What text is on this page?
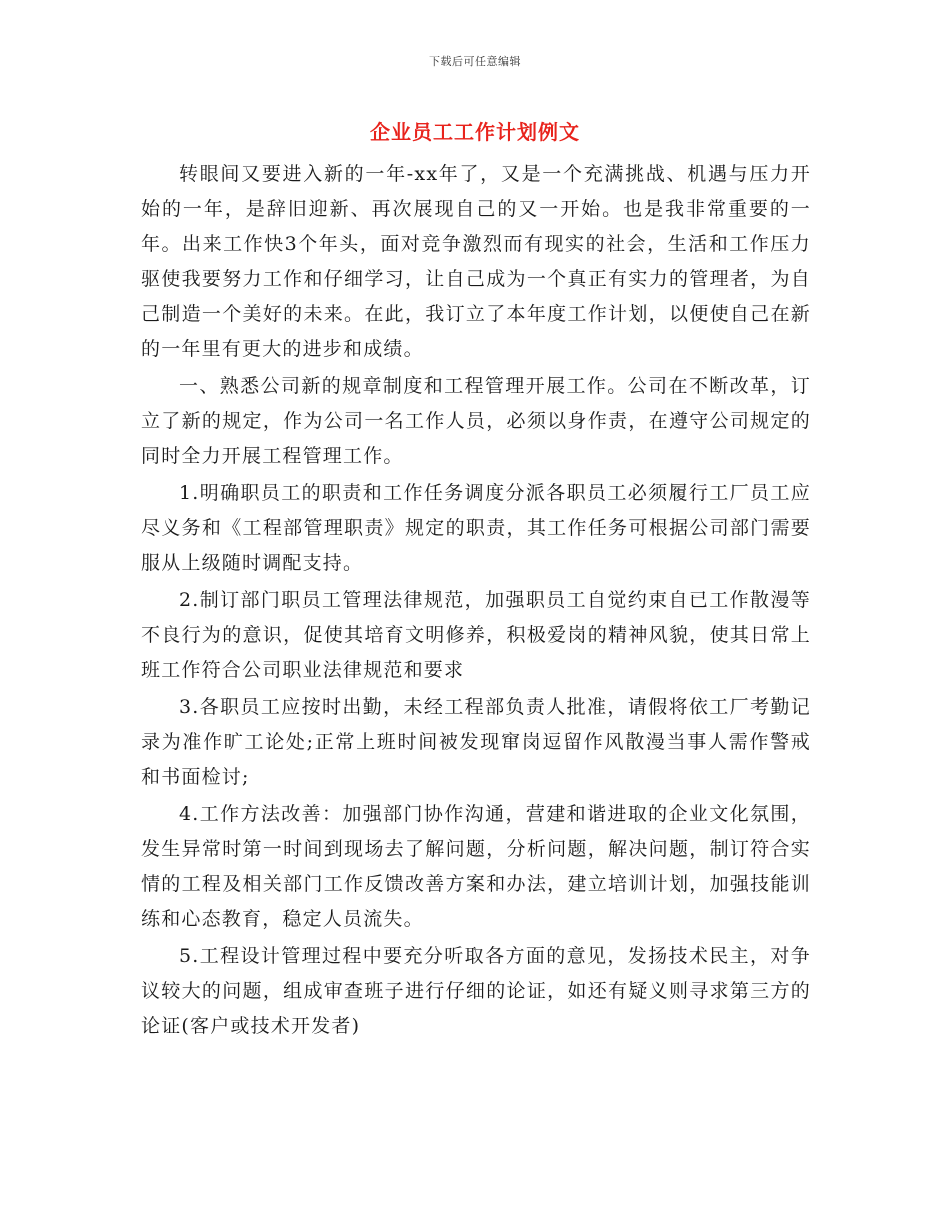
下载后可任意编辑
企业员工工作计划例文

转眼间又要进入新的一年-xx年了，又是一个充满挑战、机遇与压力开始的一年，是辞旧迎新、再次展现自己的又一开始。也是我非常重要的一年。出来工作快3个年头，面对竞争激烈而有现实的社会，生活和工作压力驱使我要努力工作和仔细学习，让自己成为一个真正有实力的管理者，为自己制造一个美好的未来。在此，我订立了本年度工作计划，以便使自己在新的一年里有更大的进步和成绩。

一、熟悉公司新的规章制度和工程管理开展工作。公司在不断改革，订立了新的规定，作为公司一名工作人员，必须以身作责，在遵守公司规定的同时全力开展工程管理工作。

1.明确职员工的职责和工作任务调度分派各职员工必须履行工厂员工应尽义务和《工程部管理职责》规定的职责，其工作任务可根据公司部门需要服从上级随时调配支持。

2.制订部门职员工管理法律规范，加强职员工自觉约束自已工作散漫等不良行为的意识，促使其培育文明修养，积极爱岗的精神风貌，使其日常上班工作符合公司职业法律规范和要求

3.各职员工应按时出勤，未经工程部负责人批准，请假将依工厂考勤记录为准作旷工论处;正常上班时间被发现窜岗逗留作风散漫当事人需作警戒和书面检讨;

4.工作方法改善：加强部门协作沟通，营建和谐进取的企业文化氛围，发生异常时第一时间到现场去了解问题，分析问题，解决问题，制订符合实情的工程及相关部门工作反馈改善方案和办法，建立培训计划，加强技能训练和心态教育，稳定人员流失。

5.工程设计管理过程中要充分听取各方面的意见，发扬技术民主，对争议较大的问题，组成审查班子进行仔细的论证，如还有疑义则寻求第三方的论证(客户或技术开发者)
